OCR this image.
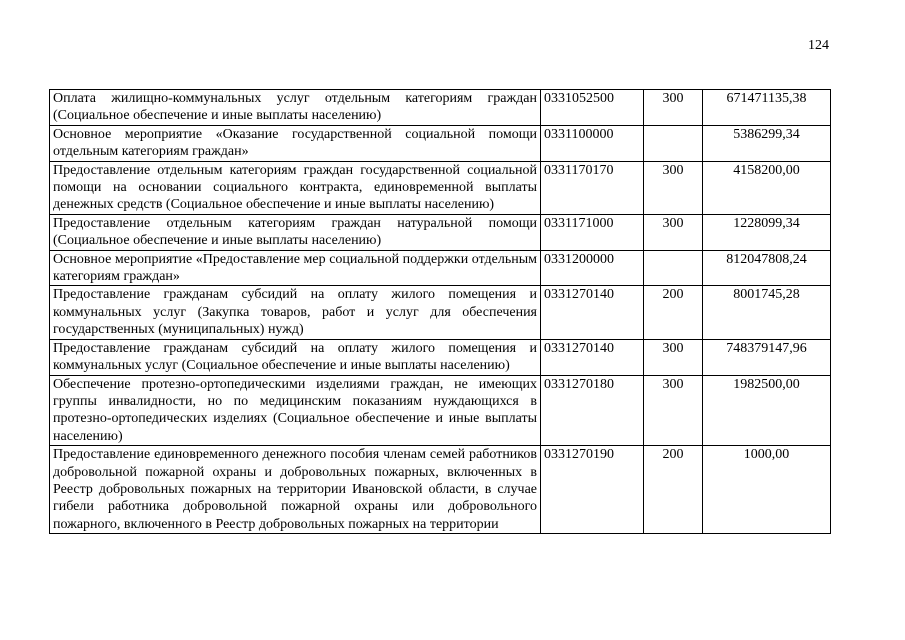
124
Оплата жилищно-коммунальных услуг отдельным категориям граждан (Социальное обеспечение и иные выплаты населению)	0331052500	300	671471135,38
Основное мероприятие «Оказание государственной социальной помощи отдельным категориям граждан»	0331100000		5386299,34
Предоставление отдельным категориям граждан государственной социальной помощи на основании социального контракта, единовременной выплаты денежных средств (Социальное обеспечение и иные выплаты населению)	0331170170	300	4158200,00
Предоставление отдельным категориям граждан натуральной помощи (Социальное обеспечение и иные выплаты населению)	0331171000	300	1228099,34
Основное мероприятие «Предоставление мер социальной поддержки отдельным категориям граждан»	0331200000		812047808,24
Предоставление гражданам субсидий на оплату жилого помещения и коммунальных услуг (Закупка товаров, работ и услуг для обеспечения государственных (муниципальных) нужд)	0331270140	200	8001745,28
Предоставление гражданам субсидий на оплату жилого помещения и коммунальных услуг (Социальное обеспечение и иные выплаты населению)	0331270140	300	748379147,96
Обеспечение протезно-ортопедическими изделиями граждан, не имеющих группы инвалидности, но по медицинским показаниям нуждающихся в протезно-ортопедических изделиях (Социальное обеспечение и иные выплаты населению)	0331270180	300	1982500,00
Предоставление единовременного денежного пособия членам семей работников добровольной пожарной охраны и добровольных пожарных, включенных в Реестр добровольных пожарных на территории Ивановской области, в случае гибели работника добровольной пожарной охраны или добровольного пожарного, включенного в Реестр добровольных пожарных на территории	0331270190	200	1000,00
